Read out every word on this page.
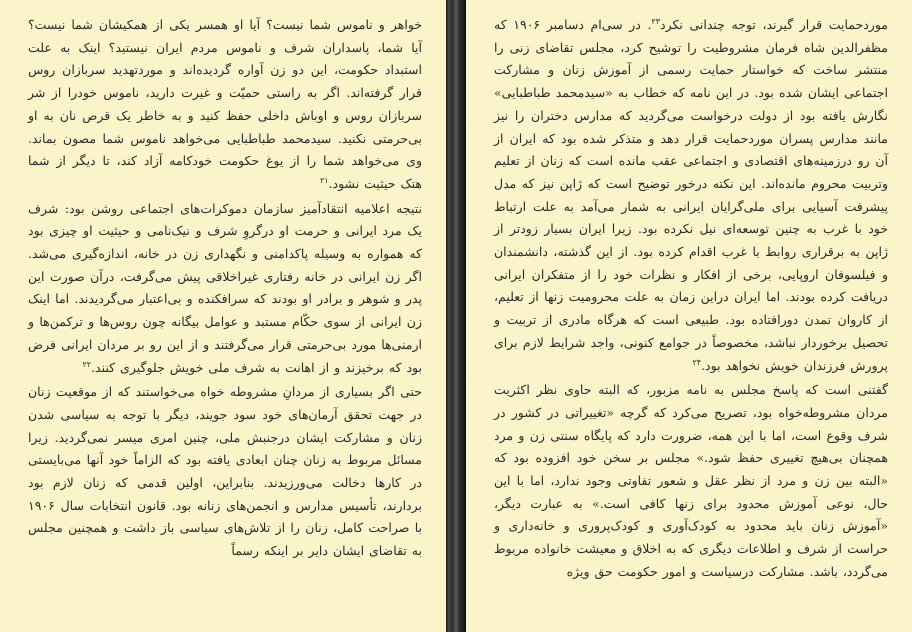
خواهر و ناموس شما نیست؟ آیا او همسر یکی از همکیشان شما نیست؟ آیا شما، پاسداران شرف و ناموس مردم ایران نیستید؟ اینک به علت استبداد حکومت، این دو زن آواره گردیده‌اند و موردتهدید سربازان روس قرار گرفته‌اند. اگر به راستی حمیّت و غیرت دارید، ناموس خودرا از شر سربازان روس و اوباش داخلی حفظ کنید و به خاطر یک قرص نان به او بی‌حرمتی نکنید. سیدمحمد طباطبایی می‌خواهد ناموس شما مصون بماند. وی می‌خواهد شما را از یوغ حکومت خودکامه آزاد کند، تا دیگر از شما هتک حیثیت نشود.$^{۲۱}$

نتیجه اعلامیه انتقادآمیز سازمان دموکرات‌های اجتماعی روشن بود: شرف یک مرد ایرانی و حرمت او درگروِ شرف و نیک‌نامی و حیثیت او چیزی بود که همواره به وسیله پاکدامنی و نگهداری زن در خانه، اندازه‌گیری می‌شد. اگر زن ایرانی در خانه رفتاری غیراخلاقی پیش می‌گرفت، درآن صورت این پدر و شوهر و برادر او بودند که سرافکنده و بی‌اعتبار می‌گردیدند. اما اینک زن ایرانی از سوی حکّام مستبد و عوامل بیگانه چون روس‌ها و ترکمن‌ها و ارمنی‌ها مورد بی‌حرمتی قرار می‌گرفتند و از این رو بر مردان ایرانی فرض بود که برخیزند و از اهانت به شرف ملی خویش جلوگیری کنند.$^{۲۲}$

حتی اگر بسیاری از مردانِ مشروطه خواه می‌خواستند که از موقعیت زنان در جهت تحقق آرمان‌های خود سود جویند، دیگر با توجه به سیاسی شدن زنان و مشارکت ایشان درجنبش ملی، چنین امری میسر نمی‌گردید. زیرا مسائل مربوط به زنان چنان ابعادی یافته بود که الزاماً خود آنها می‌بایستی در کارها دخالت می‌ورزیدند. بنابراین، اولین قدمی که زنان لازم بود بردارند، تأسیس مدارس و انجمن‌های زنانه بود. قانون انتخابات سال ۱۹۰۶ با صراحت کامل، زنان را از تلاش‌های سیاسی باز داشت و همچنین مجلس به تقاضای ایشان دایر بر اینکه رسماً

موردحمایت قرار گیرند، توجه چندانی نکرد$^{۲۳}$. در سی‌ام دسامبر ۱۹۰۶ که مظفرالدین شاه فرمان مشروطیت را توشیح کرد، مجلس تقاضای زنی را منتشر ساخت که خواستار حمایت رسمی از آموزش زنان و مشارکت اجتماعی ایشان شده بود. در این نامه که خطاب به «سیدمحمد طباطبایی» نگارش یافته بود از دولت درخواست می‌گردید که مدارس دختران را نیز مانند مدارس پسران موردحمایت قرار دهد و متذکر شده بود که ایران از آن رو درزمینه‌های اقتصادی و اجتماعی عقب مانده است که زنان از تعلیم وتربیت محروم مانده‌اند. این نکته درخور توضیح است که ژاپن نیز که مدل پیشرفت آسیایی برای ملی‌گرایان ایرانی به شمار می‌آمد به علت ارتباط خود با غرب به چنین توسعه‌ای نیل نکرده بود. زیرا ایران بسیار زودتر از ژاپن به برقراری روابط با غرب اقدام کرده بود. از این گذشته، دانشمندان و فیلسوفان اروپایی، برخی از افکار و نظرات خود را از متفکران ایرانی دریافت کرده بودند. اما ایران دراین زمان به علت محرومیت زنها از تعلیم، از کاروان تمدن دورافتاده بود. طبیعی است که هرگاه مادری از تربیت و تحصیل برخوردار نباشد، مخصوصاً در جوامع کنونی، واجد شرایط لازم برای پرورش فرزندان خویش نخواهد بود.$^{۲۴}$

گفتنی است که پاسخ مجلس به نامه مزبور، که البته حاوی نظر اکثریت مردان مشروطه‌خواه بود، تصریح می‌کرد که گرچه «تغییراتی در کشور در شرف وقوع است، اما با این همه، ضرورت دارد که پایگاه سنتی زن و مرد همچنان بی‌هیچ تغییری حفظ شود.» مجلس بر سخن خود افزوده بود که «البته بین زن و مرد از نظر عقل و شعور تفاوتی وجود ندارد، اما با این حال، نوعی آموزش محدود برای زنها کافی است.» به عبارت دیگر، «آموزش زنان باید محدود به کودک‌آوری و کودک‌پروری و خانه‌داری و حراست از شرف و اطلاعات دیگری که به اخلاق و معیشت خانواده مربوط می‌گردد، باشد. مشارکت درسیاست و امور حکومت حق ویژه
